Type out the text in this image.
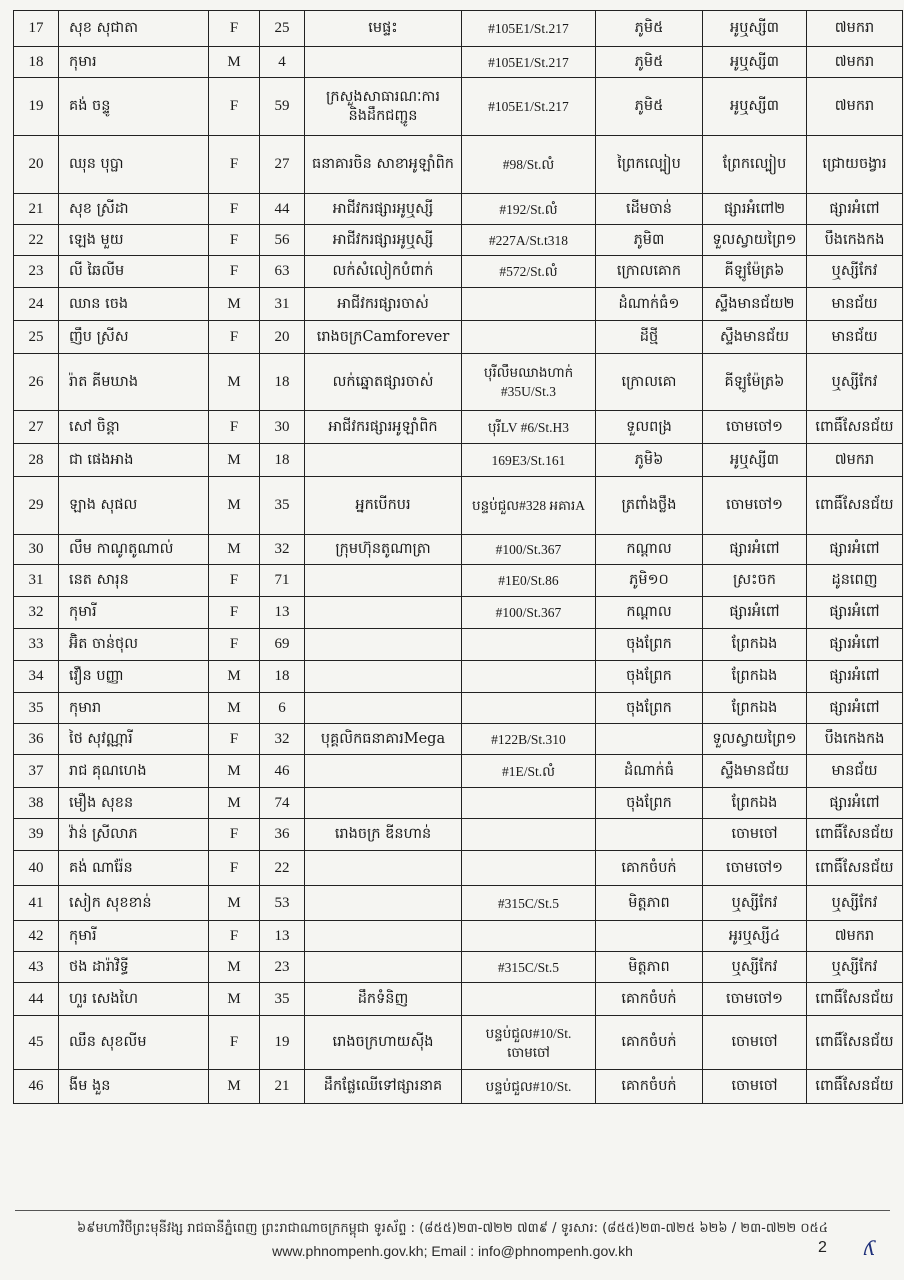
17	សុខ សុជាតា	F	25	មេផ្ទះ	#105E1/St.217	ភូមិ៥	អូឬស្សី៣	៧មករា
18	កុមារ	M	4		#105E1/St.217	ភូមិ៥	អូឬស្សី៣	៧មករា
19	គង់ ចន្ទូ	F	59	ក្រសួងសាធារណៈការ និងដឹកជញ្ជូន	#105E1/St.217	ភូមិ៥	អូឬស្សី៣	៧មករា
20	ឈុន បុប្ផា	F	27	ធនាគារចិន សាខាអូឡាំពិក	#98/St.លំ	ព្រៃកល្បៀប	ព្រែកល្បៀប	ជ្រោយចង្វារ
21	សុខ ស្រីដា	F	44	អាជីវករផ្សារអូឬស្សី	#192/St.លំ	ដើមចាន់	ផ្សារអំពៅ២	ផ្សារអំពៅ
22	ឡេង មួយ	F	56	អាជីវករផ្សារអូឬស្សី	#227A/St.t318	ភូមិ៣	ទួលស្វាយព្រៃ១	បឹងកេងកង
23	លី ឆៃលីម	F	63	លក់សំលៀកបំពាក់	#572/St.លំ	ក្រោលគោក	គីឡូម៉ែត្រ៦	ឬស្សីកែវ
24	ឈាន ចេង	M	31	អាជីវករផ្សារចាស់		ដំណាក់ធំ១	ស្ទឹងមានជ័យ២	មានជ័យ
25	ញឹប ស្រីស	F	20	រោងចក្រCamforever		ដីថ្មី	ស្ទឹងមានជ័យ	មានជ័យ
26	រ៉ាត គីមឃាង	M	18	លក់ឆ្នោតផ្សារចាស់	បុរីលឹមឈាងហាក់ #35U/St.3	ក្រោលគោ	គីឡូម៉ែត្រ៦	ឬស្សីកែវ
27	សៅ ចិន្តា	F	30	អាជីវករផ្សារអូឡាំពិក	បុរីLV #6/St.H3	ទួលពង្រ	ចោមចៅ១	ពោធិ៍សែនជ័យ
28	ជា ផេងអាង	M	18		169E3/St.161	ភូមិ៦	អូឬស្សី៣	៧មករា
29	ឡាង សុផល	M	35	អ្នកបើកបរ	បន្ទប់ជួល#328 អគារA	ត្រពាំងថ្លឹង	ចោមចៅ១	ពោធិ៍សែនជ័យ
30	លឹម កាណូតូណាល់	M	32	ក្រុមហ៊ុនតូណាត្រា	#100/St.367	កណ្តាល	ផ្សារអំពៅ	ផ្សារអំពៅ
31	នេត សារុន	F	71		#1E0/St.86	ភូមិ១០	ស្រះចក	ដូនពេញ
32	កុមារី	F	13		#100/St.367	កណ្តាល	ផ្សារអំពៅ	ផ្សារអំពៅ
33	អ៊ិត ចាន់ថុល	F	69			ចុងព្រែក	ព្រែកឯង	ផ្សារអំពៅ
34	វឿន បញ្ញា	M	18			ចុងព្រែក	ព្រែកឯង	ផ្សារអំពៅ
35	កុមារា	M	6			ចុងព្រែក	ព្រែកឯង	ផ្សារអំពៅ
36	ថៃ សុវណ្ណារី	F	32	បុគ្គលិកធនាគារMega	#122B/St.310		ទួលស្វាយព្រៃ១	បឹងកេងកង
37	រាជ គុណហេង	M	46		#1E/St.លំ	ដំណាក់ធំ	ស្ទឹងមានជ័យ	មានជ័យ
38	មឿង សុខន	M	74			ចុងព្រែក	ព្រែកឯង	ផ្សារអំពៅ
39	វ៉ាន់ ស្រីលាភ	F	36	រោងចក្រ ឌីនហាន់			ចោមចៅ	ពោធិ៍សែនជ័យ
40	គង់ ណារ៉ែន	F	22			គោកចំបក់	ចោមចៅ១	ពោធិ៍សែនជ័យ
41	សៀក សុខខាន់	M	53		#315C/St.5	មិត្តភាព	ឬស្សីកែវ	ឬស្សីកែវ
42	កុមារី	F	13				អូរឬស្សី៤	៧មករា
43	ថង ដារ៉ាវិទ្ធី	M	23		#315C/St.5	មិត្តភាព	ឬស្សីកែវ	ឬស្សីកែវ
44	ហួរ សេងហៃ	M	35	ដឹកទំនិញ		គោកចំបក់	ចោមចៅ១	ពោធិ៍សែនជ័យ
45	ឈឹន សុខលីម	F	19	រោងចក្រហាយស៊ីង	បន្ទប់ជួល#10/St. ចោមចៅ	គោកចំបក់	ចោមចៅ	ពោធិ៍សែនជ័យ
46	ងីម ងួន	M	21	ដឹកផ្លែឈើទៅផ្សារនាគ	បន្ទប់ជួល#10/St.	គោកចំបក់	ចោមចៅ	ពោធិ៍សែនជ័យ
៦៩មហាវិថីព្រះមុនីវង្ស រាជធានីភ្នំពេញ ព្រះរាជាណាចក្រកម្ពុជា ទូរស័ព្ទ : (៨៥៥)២៣-៧២២ ៧៣៩ / ទូរសារ: (៨៥៥)២៣-៧២៥ ៦២៦ / ២៣-៧២២ ០៥៤
www.phnompenh.gov.kh; Email : info@phnompenh.gov.kh	2 ʎ
